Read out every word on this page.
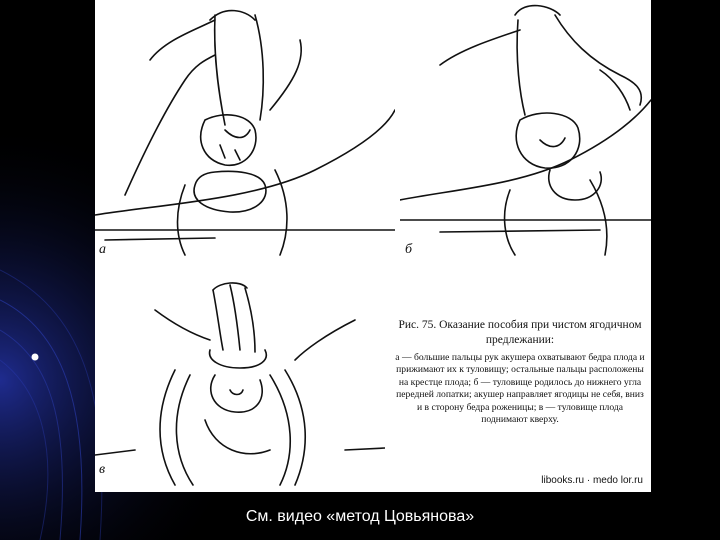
а	б
в

Рис. 75. Оказание пособия при чистом ягодичном предлежании:

а — большие пальцы рук акушера охватывают бедра плода и прижимают их к туловищу; остальные пальцы расположены на крестце плода; б — туловище родилось до нижнего угла передней лопатки; акушер направляет ягодицы не себя, вниз и в сторону бедра роженицы; в — туловище плода поднимают кверху.

libooks.ru · medo lor.ru
См. видео «метод Цовьянова»
